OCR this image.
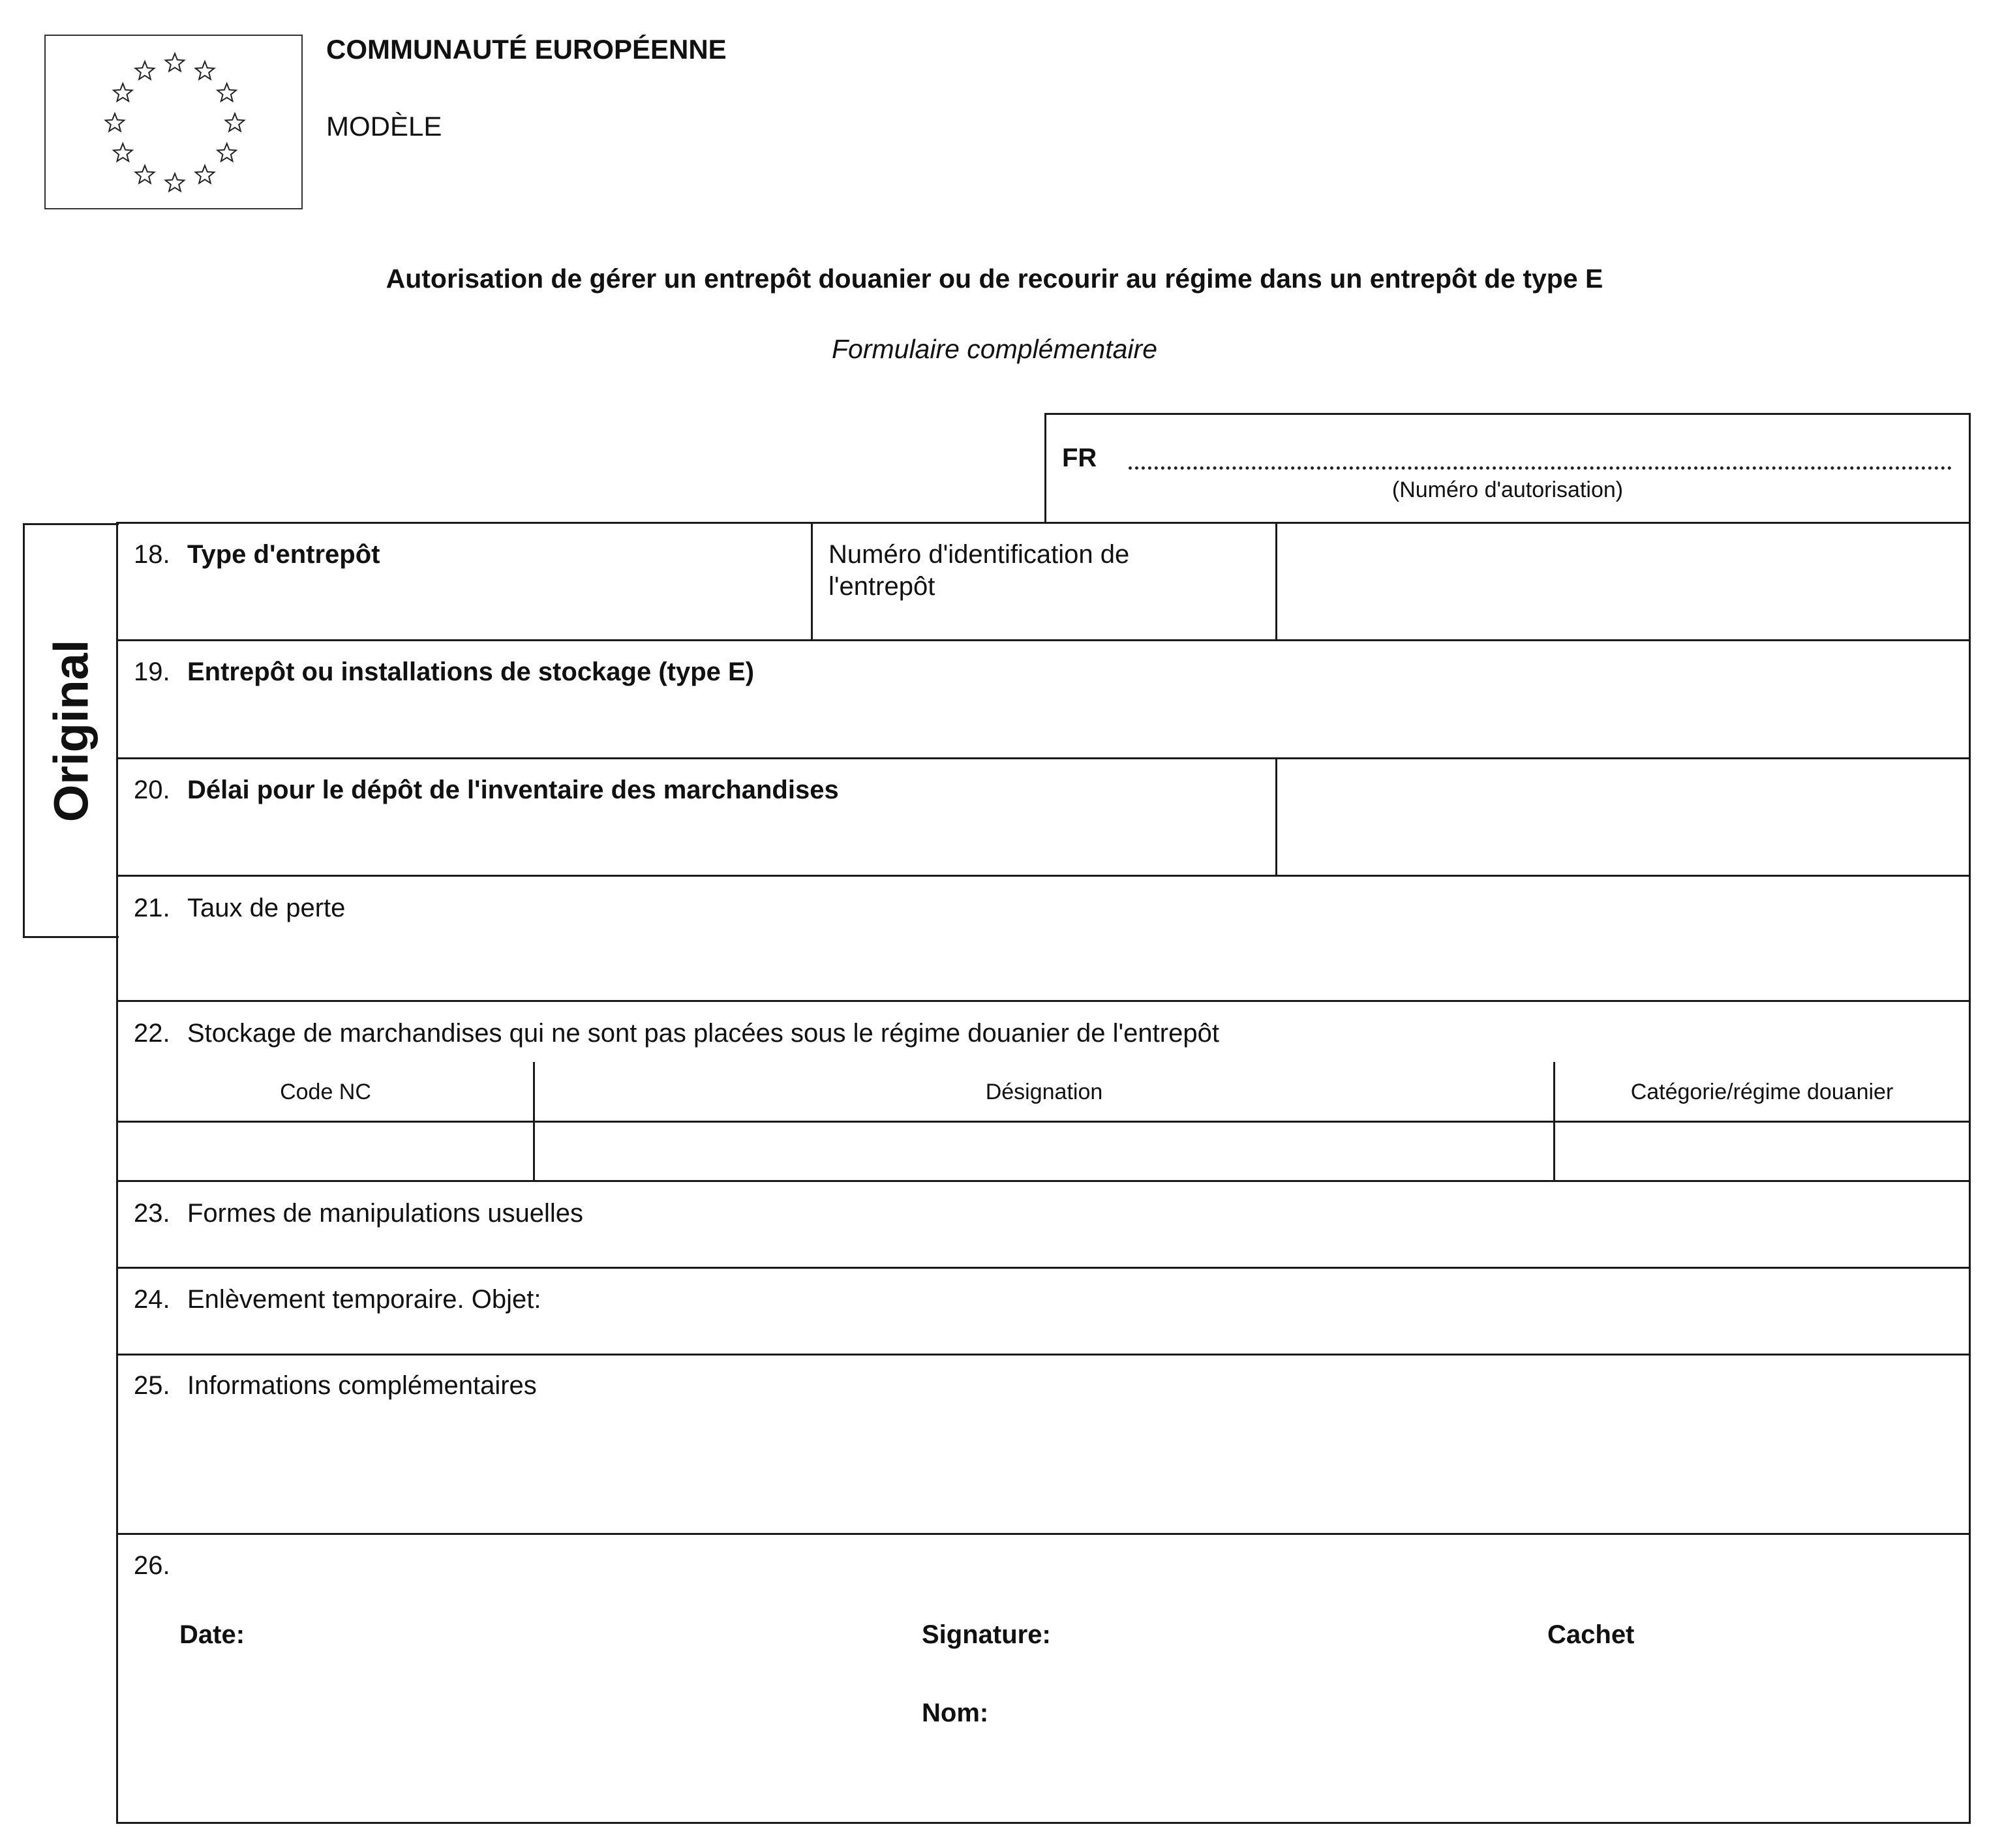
COMMUNAUTÉ EUROPÉENNE
MODÈLE
Autorisation de gérer un entrepôt douanier ou de recourir au régime dans un entrepôt de type E
Formulaire complémentaire
FR
(Numéro d'autorisation)
Original
18. Type d'entrepôt	Numéro d'identification de
l'entrepôt
19. Entrepôt ou installations de stockage (type E)
20. Délai pour le dépôt de l'inventaire des marchandises
21. Taux de perte
22. Stockage de marchandises qui ne sont pas placées sous le régime douanier de l'entrepôt
Code NC	Désignation	Catégorie/régime douanier
23. Formes de manipulations usuelles
24. Enlèvement temporaire. Objet:
25. Informations complémentaires
26.
Date:	Signature:	Cachet
Nom:
